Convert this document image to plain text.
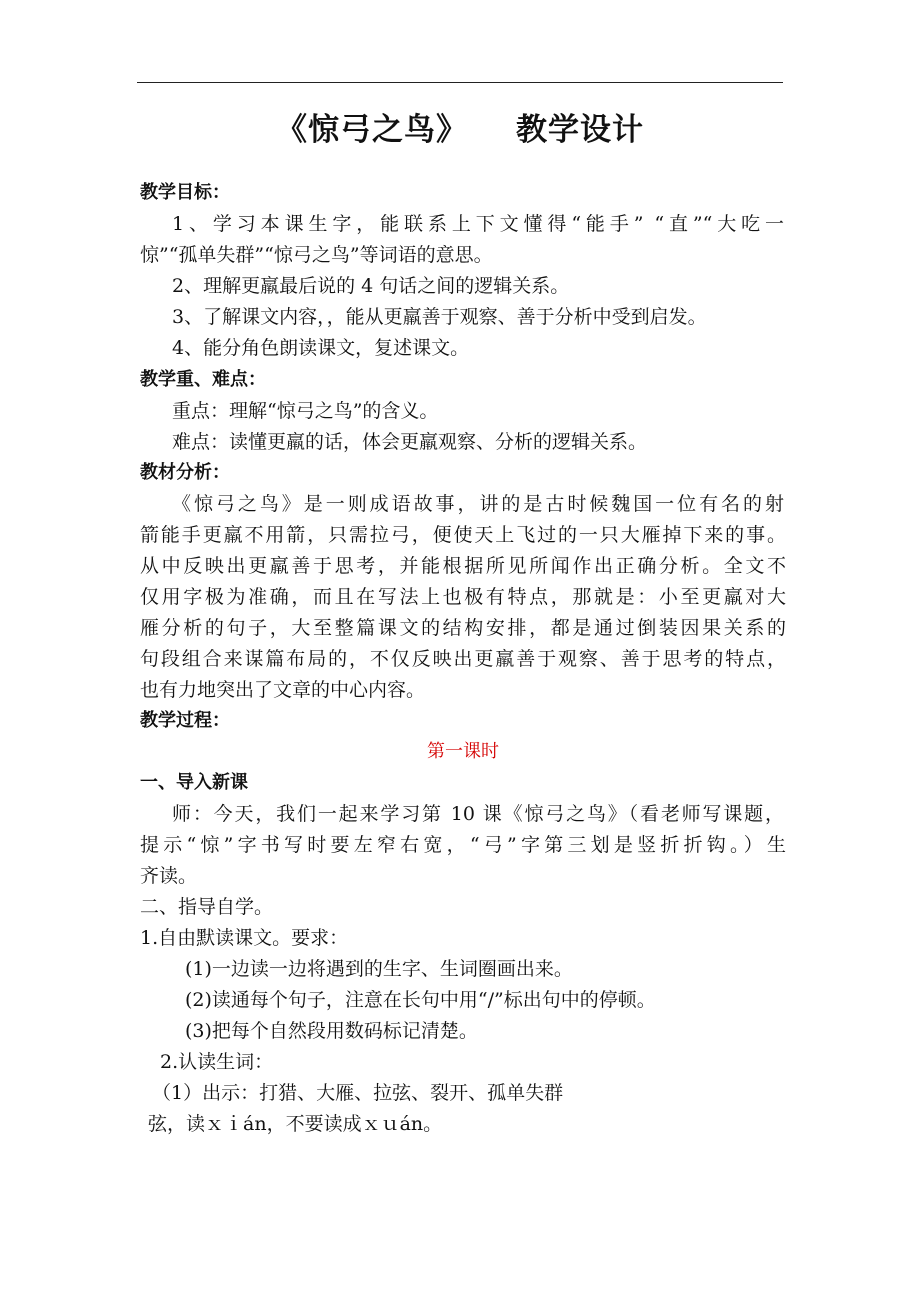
《惊弓之鸟》 教学设计
教学目标：
1、学习本课生字，能联系上下文懂得“能手” “直”“大吃一
惊”“孤单失群”“惊弓之鸟”等词语的意思。
2、理解更羸最后说的 4 句话之间的逻辑关系。
3、了解课文内容，，能从更羸善于观察、善于分析中受到启发。
4、能分角色朗读课文，复述课文。
教学重、难点：
重点：理解“惊弓之鸟”的含义。
难点：读懂更羸的话，体会更羸观察、分析的逻辑关系。
教材分析：
《惊弓之鸟》是一则成语故事，讲的是古时候魏国一位有名的射
箭能手更羸不用箭，只需拉弓，便使天上飞过的一只大雁掉下来的事。
从中反映出更羸善于思考，并能根据所见所闻作出正确分析。全文不
仅用字极为准确，而且在写法上也极有特点，那就是：小至更羸对大
雁分析的句子，大至整篇课文的结构安排，都是通过倒装因果关系的
句段组合来谋篇布局的，不仅反映出更羸善于观察、善于思考的特点，
也有力地突出了文章的中心内容。
教学过程：
第一课时
一、导入新课
师：今天，我们一起来学习第 10 课《惊弓之鸟》（看老师写课题，
提示“惊”字书写时要左窄右宽，“弓”字第三划是竖折折钩。）生
齐读。
二、指导自学。
1.自由默读课文。要求：
(1)一边读一边将遇到的生字、生词圈画出来。
(2)读通每个句子，注意在长句中用“/”标出句中的停顿。
(3)把每个自然段用数码标记清楚。
2.认读生词：
（1）出示：打猎、大雁、拉弦、裂开、孤单失群
弦，读ｘｉán，不要读成ｘｕán。
